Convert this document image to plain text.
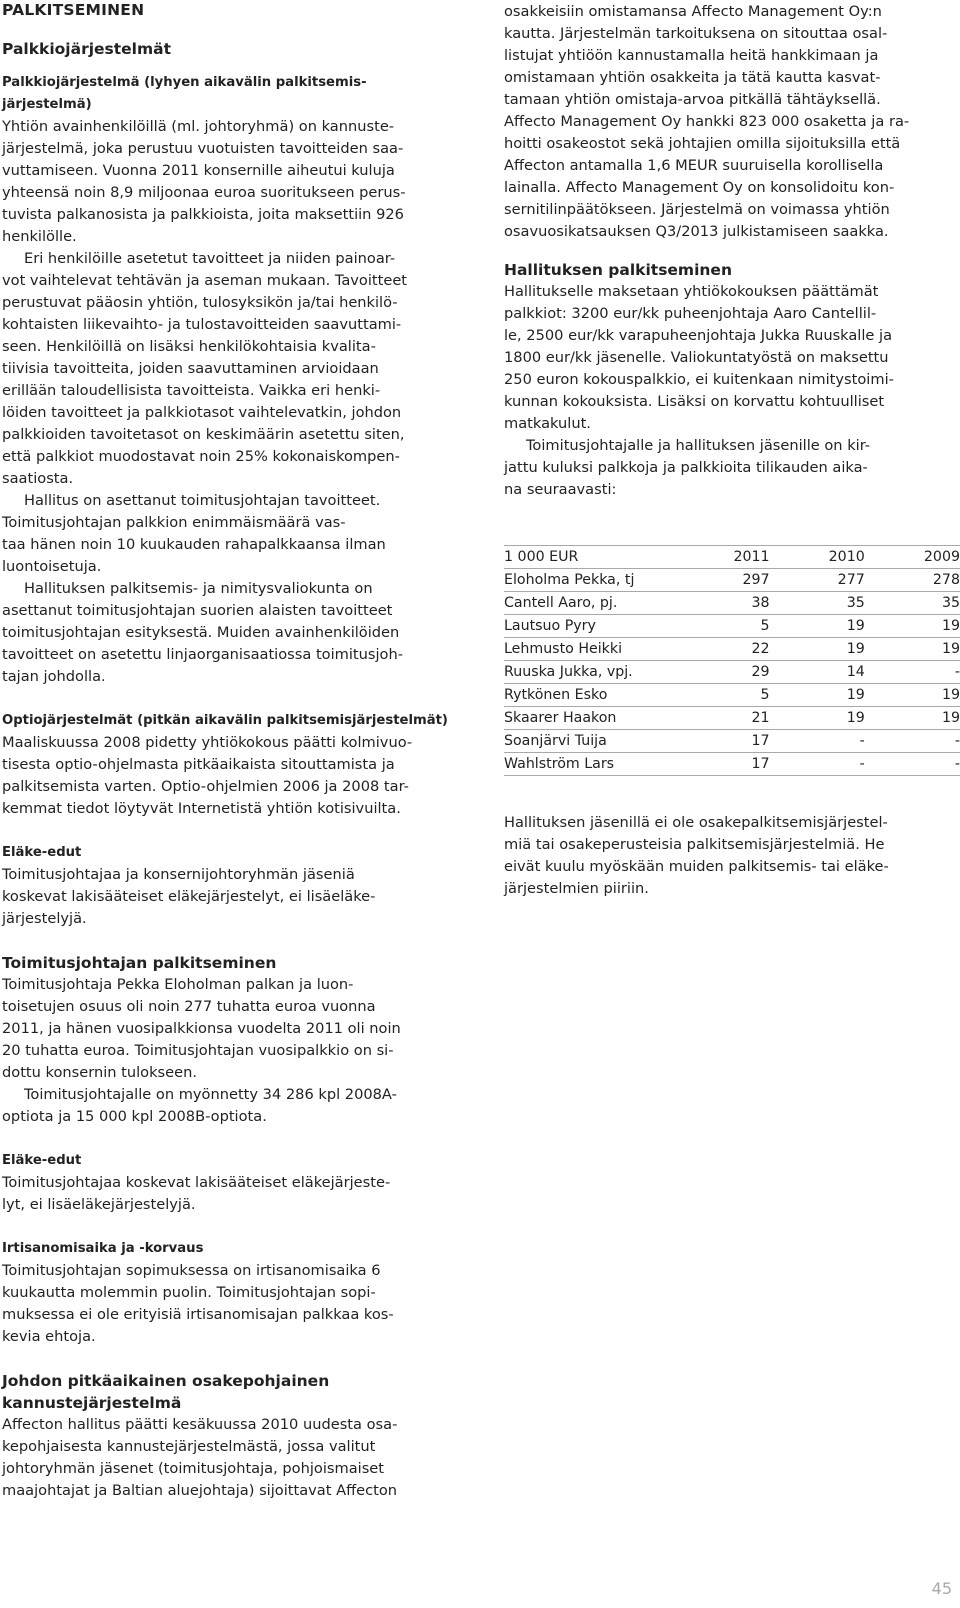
PALKITSEMINEN
Palkkiojärjestelmät
Palkkiojärjestelmä (lyhyen aikavälin palkitsemis-
järjestelmä)
Yhtiön avainhenkilöillä (ml. johtoryhmä) on kannuste-
järjestelmä, joka perustuu vuotuisten tavoitteiden saa-
vuttamiseen. Vuonna 2011 konsernille aiheutui kuluja
yhteensä noin 8,9 miljoonaa euroa suoritukseen perus-
tuvista palkanosista ja palkkioista, joita maksettiin 926
henkilölle.
Eri henkilöille asetetut tavoitteet ja niiden painoar-
vot vaihtelevat tehtävän ja aseman mukaan. Tavoitteet
perustuvat pääosin yhtiön, tulosyksikön ja/tai henkilö-
kohtaisten liikevaihto- ja tulostavoitteiden saavuttami-
seen. Henkilöillä on lisäksi henkilökohtaisia kvalita-
tiivisia tavoitteita, joiden saavuttaminen arvioidaan
erillään taloudellisista tavoitteista. Vaikka eri henki-
löiden tavoitteet ja palkkiotasot vaihtelevatkin, johdon
palkkioiden tavoitetasot on keskimäärin asetettu siten,
että palkkiot muodostavat noin 25% kokonaiskompen-
saatiosta.
Hallitus on asettanut toimitusjohtajan tavoitteet.
Toimitusjohtajan palkkion enimmäismäärä vas-
taa hänen noin 10 kuukauden rahapalkkaansa ilman
luontoisetuja.
Hallituksen palkitsemis- ja nimitysvaliokunta on
asettanut toimitusjohtajan suorien alaisten tavoitteet
toimitusjohtajan esityksestä. Muiden avainhenkilöiden
tavoitteet on asetettu linjaorganisaatiossa toimitusjoh-
tajan johdolla.
Optiojärjestelmät (pitkän aikavälin palkitsemisjärjestelmät)
Maaliskuussa 2008 pidetty yhtiökokous päätti kolmivuo-
tisesta optio-ohjelmasta pitkäaikaista sitouttamista ja
palkitsemista varten. Optio-ohjelmien 2006 ja 2008 tar-
kemmat tiedot löytyvät Internetistä yhtiön kotisivuilta.
Eläke-edut
Toimitusjohtajaa ja konsernijohtoryhmän jäseniä
koskevat lakisääteiset eläkejärjestelyt, ei lisäeläke-
järjestelyjä.
Toimitusjohtajan palkitseminen
Toimitusjohtaja Pekka Eloholman palkan ja luon-
toisetujen osuus oli noin 277 tuhatta euroa vuonna
2011, ja hänen vuosipalkkionsa vuodelta 2011 oli noin
20 tuhatta euroa. Toimitusjohtajan vuosipalkkio on si-
dottu konsernin tulokseen.
Toimitusjohtajalle on myönnetty 34 286 kpl 2008A-
optiota ja 15 000 kpl 2008B-optiota.
Eläke-edut
Toimitusjohtajaa koskevat lakisääteiset eläkejärjeste-
lyt, ei lisäeläkejärjestelyjä.
Irtisanomisaika ja -korvaus
Toimitusjohtajan sopimuksessa on irtisanomisaika 6
kuukautta molemmin puolin. Toimitusjohtajan sopi-
muksessa ei ole erityisiä irtisanomisajan palkkaa kos-
kevia ehtoja.
Johdon pitkäaikainen osakepohjainen
kannustejärjestelmä
Affecton hallitus päätti kesäkuussa 2010 uudesta osa-
kepohjaisesta kannustejärjestelmästä, jossa valitut
johtoryhmän jäsenet (toimitusjohtaja, pohjoismaiset
maajohtajat ja Baltian aluejohtaja) sijoittavat Affecton
osakkeisiin omistamansa Affecto Management Oy:n
kautta. Järjestelmän tarkoituksena on sitouttaa osal-
listujat yhtiöön kannustamalla heitä hankkimaan ja
omistamaan yhtiön osakkeita ja tätä kautta kasvat-
tamaan yhtiön omistaja-arvoa pitkällä tähtäyksellä.
Affecto Management Oy hankki 823 000 osaketta ja ra-
hoitti osakeostot sekä johtajien omilla sijoituksilla että
Affecton antamalla 1,6 MEUR suuruisella korollisella
lainalla. Affecto Management Oy on konsolidoitu kon-
sernitilinpäätökseen. Järjestelmä on voimassa yhtiön
osavuosikatsauksen Q3/2013 julkistamiseen saakka.
Hallituksen palkitseminen
Hallitukselle maksetaan yhtiökokouksen päättämät
palkkiot: 3200 eur/kk puheenjohtaja Aaro Cantellil-
le, 2500 eur/kk varapuheenjohtaja Jukka Ruuskalle ja
1800 eur/kk jäsenelle. Valiokuntatyöstä on maksettu
250 euron kokouspalkkio, ei kuitenkaan nimitystoimi-
kunnan kokouksista. Lisäksi on korvattu kohtuulliset
matkakulut.
Toimitusjohtajalle ja hallituksen jäsenille on kir-
jattu kuluksi palkkoja ja palkkioita tilikauden aika-
na seuraavasti:
1 000 EUR	2011	2010	2009
Eloholma Pekka, tj	297	277	278
Cantell Aaro, pj.	38	35	35
Lautsuo Pyry	5	19	19
Lehmusto Heikki	22	19	19
Ruuska Jukka, vpj.	29	14	-
Rytkönen Esko	5	19	19
Skaarer Haakon	21	19	19
Soanjärvi Tuija	17	-	-
Wahlström Lars	17	-	-
Hallituksen jäsenillä ei ole osakepalkitsemisjärjestel-
miä tai osakeperusteisia palkitsemisjärjestelmiä. He
eivät kuulu myöskään muiden palkitsemis- tai eläke-
järjestelmien piiriin.
45
